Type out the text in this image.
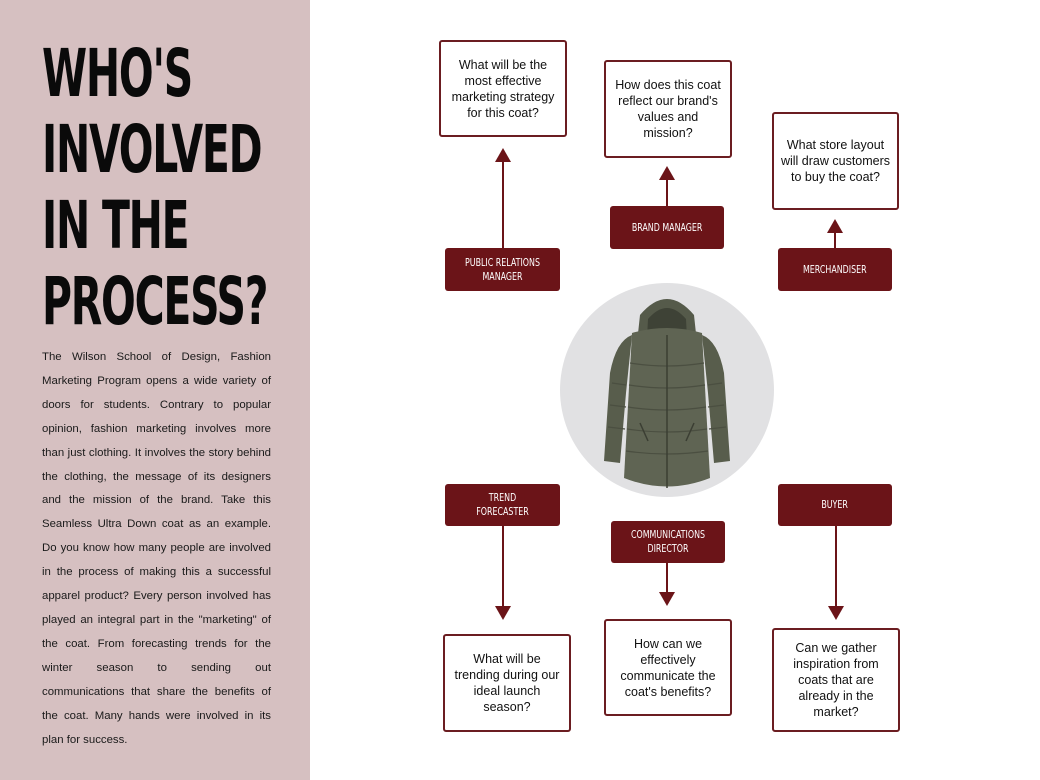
WHO'S
INVOLVED
IN THE
PROCESS?

The Wilson School of Design, Fashion Marketing Program opens a wide variety of doors for students. Contrary to popular opinion, fashion marketing involves more than just clothing. It involves the story behind the clothing, the message of its designers and the mission of the brand. Take this Seamless Ultra Down coat as an example. Do you know how many people are involved in the process of making this a successful apparel product? Every person involved has played an integral part in the "marketing" of the coat. From forecasting trends for the winter season to sending out communications that share the benefits of the coat. Many hands were involved in its plan for success.

What will be the most effective marketing strategy for this coat?
How does this coat reflect our brand's values and mission?
What store layout will draw customers to buy the coat?
What will be trending during our ideal launch season?
How can we effectively communicate the coat's benefits?
Can we gather inspiration from coats that are already in the market?
PUBLIC RELATIONS MANAGER
BRAND MANAGER
MERCHANDISER
TREND FORECASTER
COMMUNICATIONS DIRECTOR
BUYER
